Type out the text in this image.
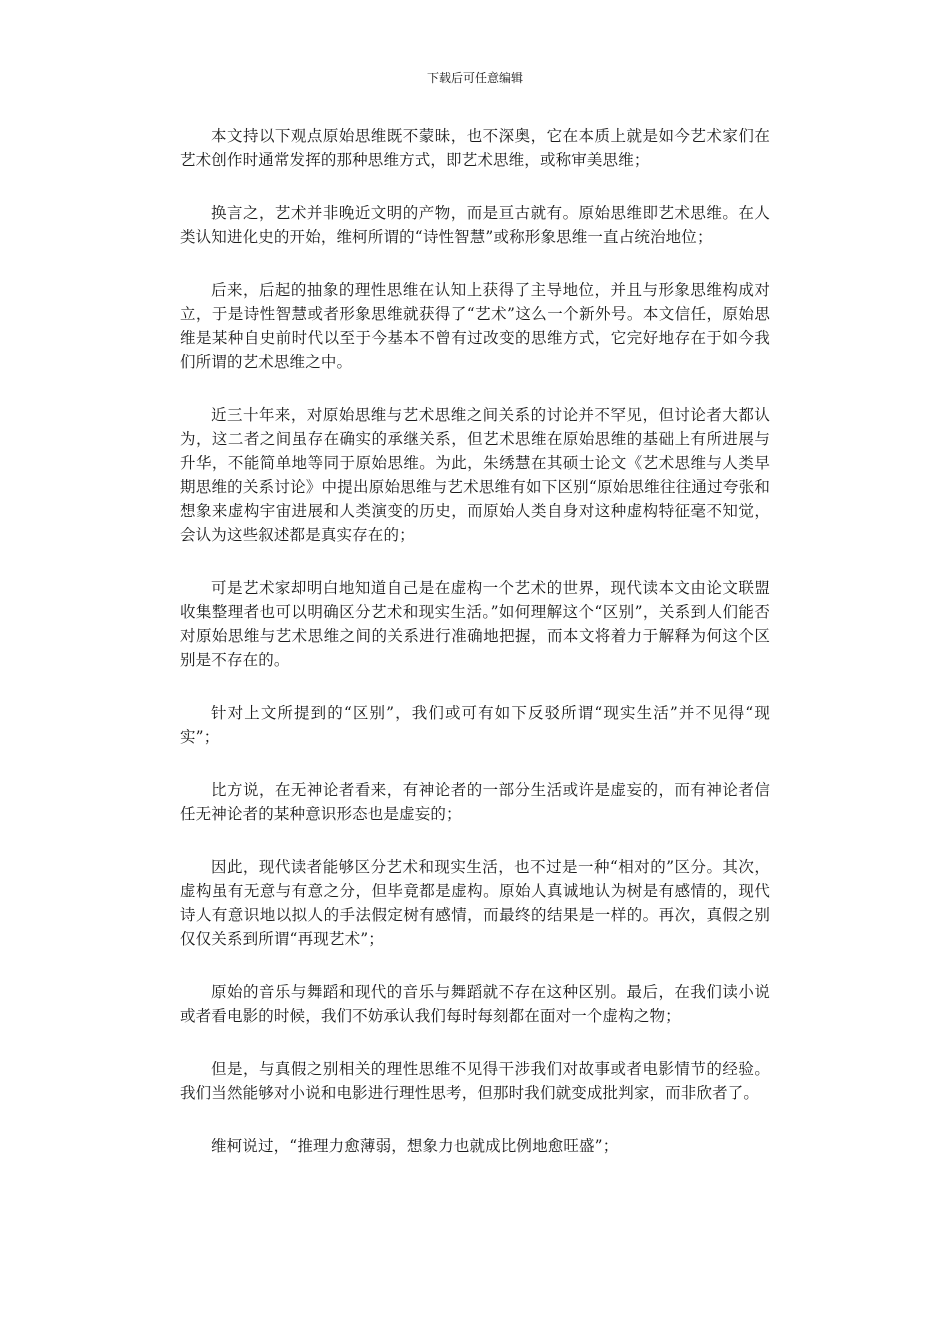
下载后可任意编辑

本文持以下观点原始思维既不蒙昧，也不深奥，它在本质上就是如今艺术家们在艺术创作时通常发挥的那种思维方式，即艺术思维，或称审美思维；

换言之，艺术并非晚近文明的产物，而是亘古就有。原始思维即艺术思维。在人类认知进化史的开始，维柯所谓的“诗性智慧”或称形象思维一直占统治地位；

后来，后起的抽象的理性思维在认知上获得了主导地位，并且与形象思维构成对立，于是诗性智慧或者形象思维就获得了“艺术”这么一个新外号。本文信任，原始思维是某种自史前时代以至于今基本不曾有过改变的思维方式，它完好地存在于如今我们所谓的艺术思维之中。

近三十年来，对原始思维与艺术思维之间关系的讨论并不罕见，但讨论者大都认为，这二者之间虽存在确实的承继关系，但艺术思维在原始思维的基础上有所进展与升华，不能简单地等同于原始思维。为此，朱绣慧在其硕士论文《艺术思维与人类早期思维的关系讨论》中提出原始思维与艺术思维有如下区别“原始思维往往通过夸张和想象来虚构宇宙进展和人类演变的历史，而原始人类自身对这种虚构特征毫不知觉，会认为这些叙述都是真实存在的；

可是艺术家却明白地知道自己是在虚构一个艺术的世界，现代读本文由论文联盟收集整理者也可以明确区分艺术和现实生活。”如何理解这个“区别”，关系到人们能否对原始思维与艺术思维之间的关系进行准确地把握，而本文将着力于解释为何这个区别是不存在的。

针对上文所提到的“区别”，我们或可有如下反驳所谓“现实生活”并不见得“现实”；

比方说，在无神论者看来，有神论者的一部分生活或许是虚妄的，而有神论者信任无神论者的某种意识形态也是虚妄的；

因此，现代读者能够区分艺术和现实生活，也不过是一种“相对的”区分。其次，虚构虽有无意与有意之分，但毕竟都是虚构。原始人真诚地认为树是有感情的，现代诗人有意识地以拟人的手法假定树有感情，而最终的结果是一样的。再次，真假之别仅仅关系到所谓“再现艺术”；

原始的音乐与舞蹈和现代的音乐与舞蹈就不存在这种区别。最后，在我们读小说或者看电影的时候，我们不妨承认我们每时每刻都在面对一个虚构之物；

但是，与真假之别相关的理性思维不见得干涉我们对故事或者电影情节的经验。我们当然能够对小说和电影进行理性思考，但那时我们就变成批判家，而非欣者了。

维柯说过，“推理力愈薄弱，想象力也就成比例地愈旺盛”；
